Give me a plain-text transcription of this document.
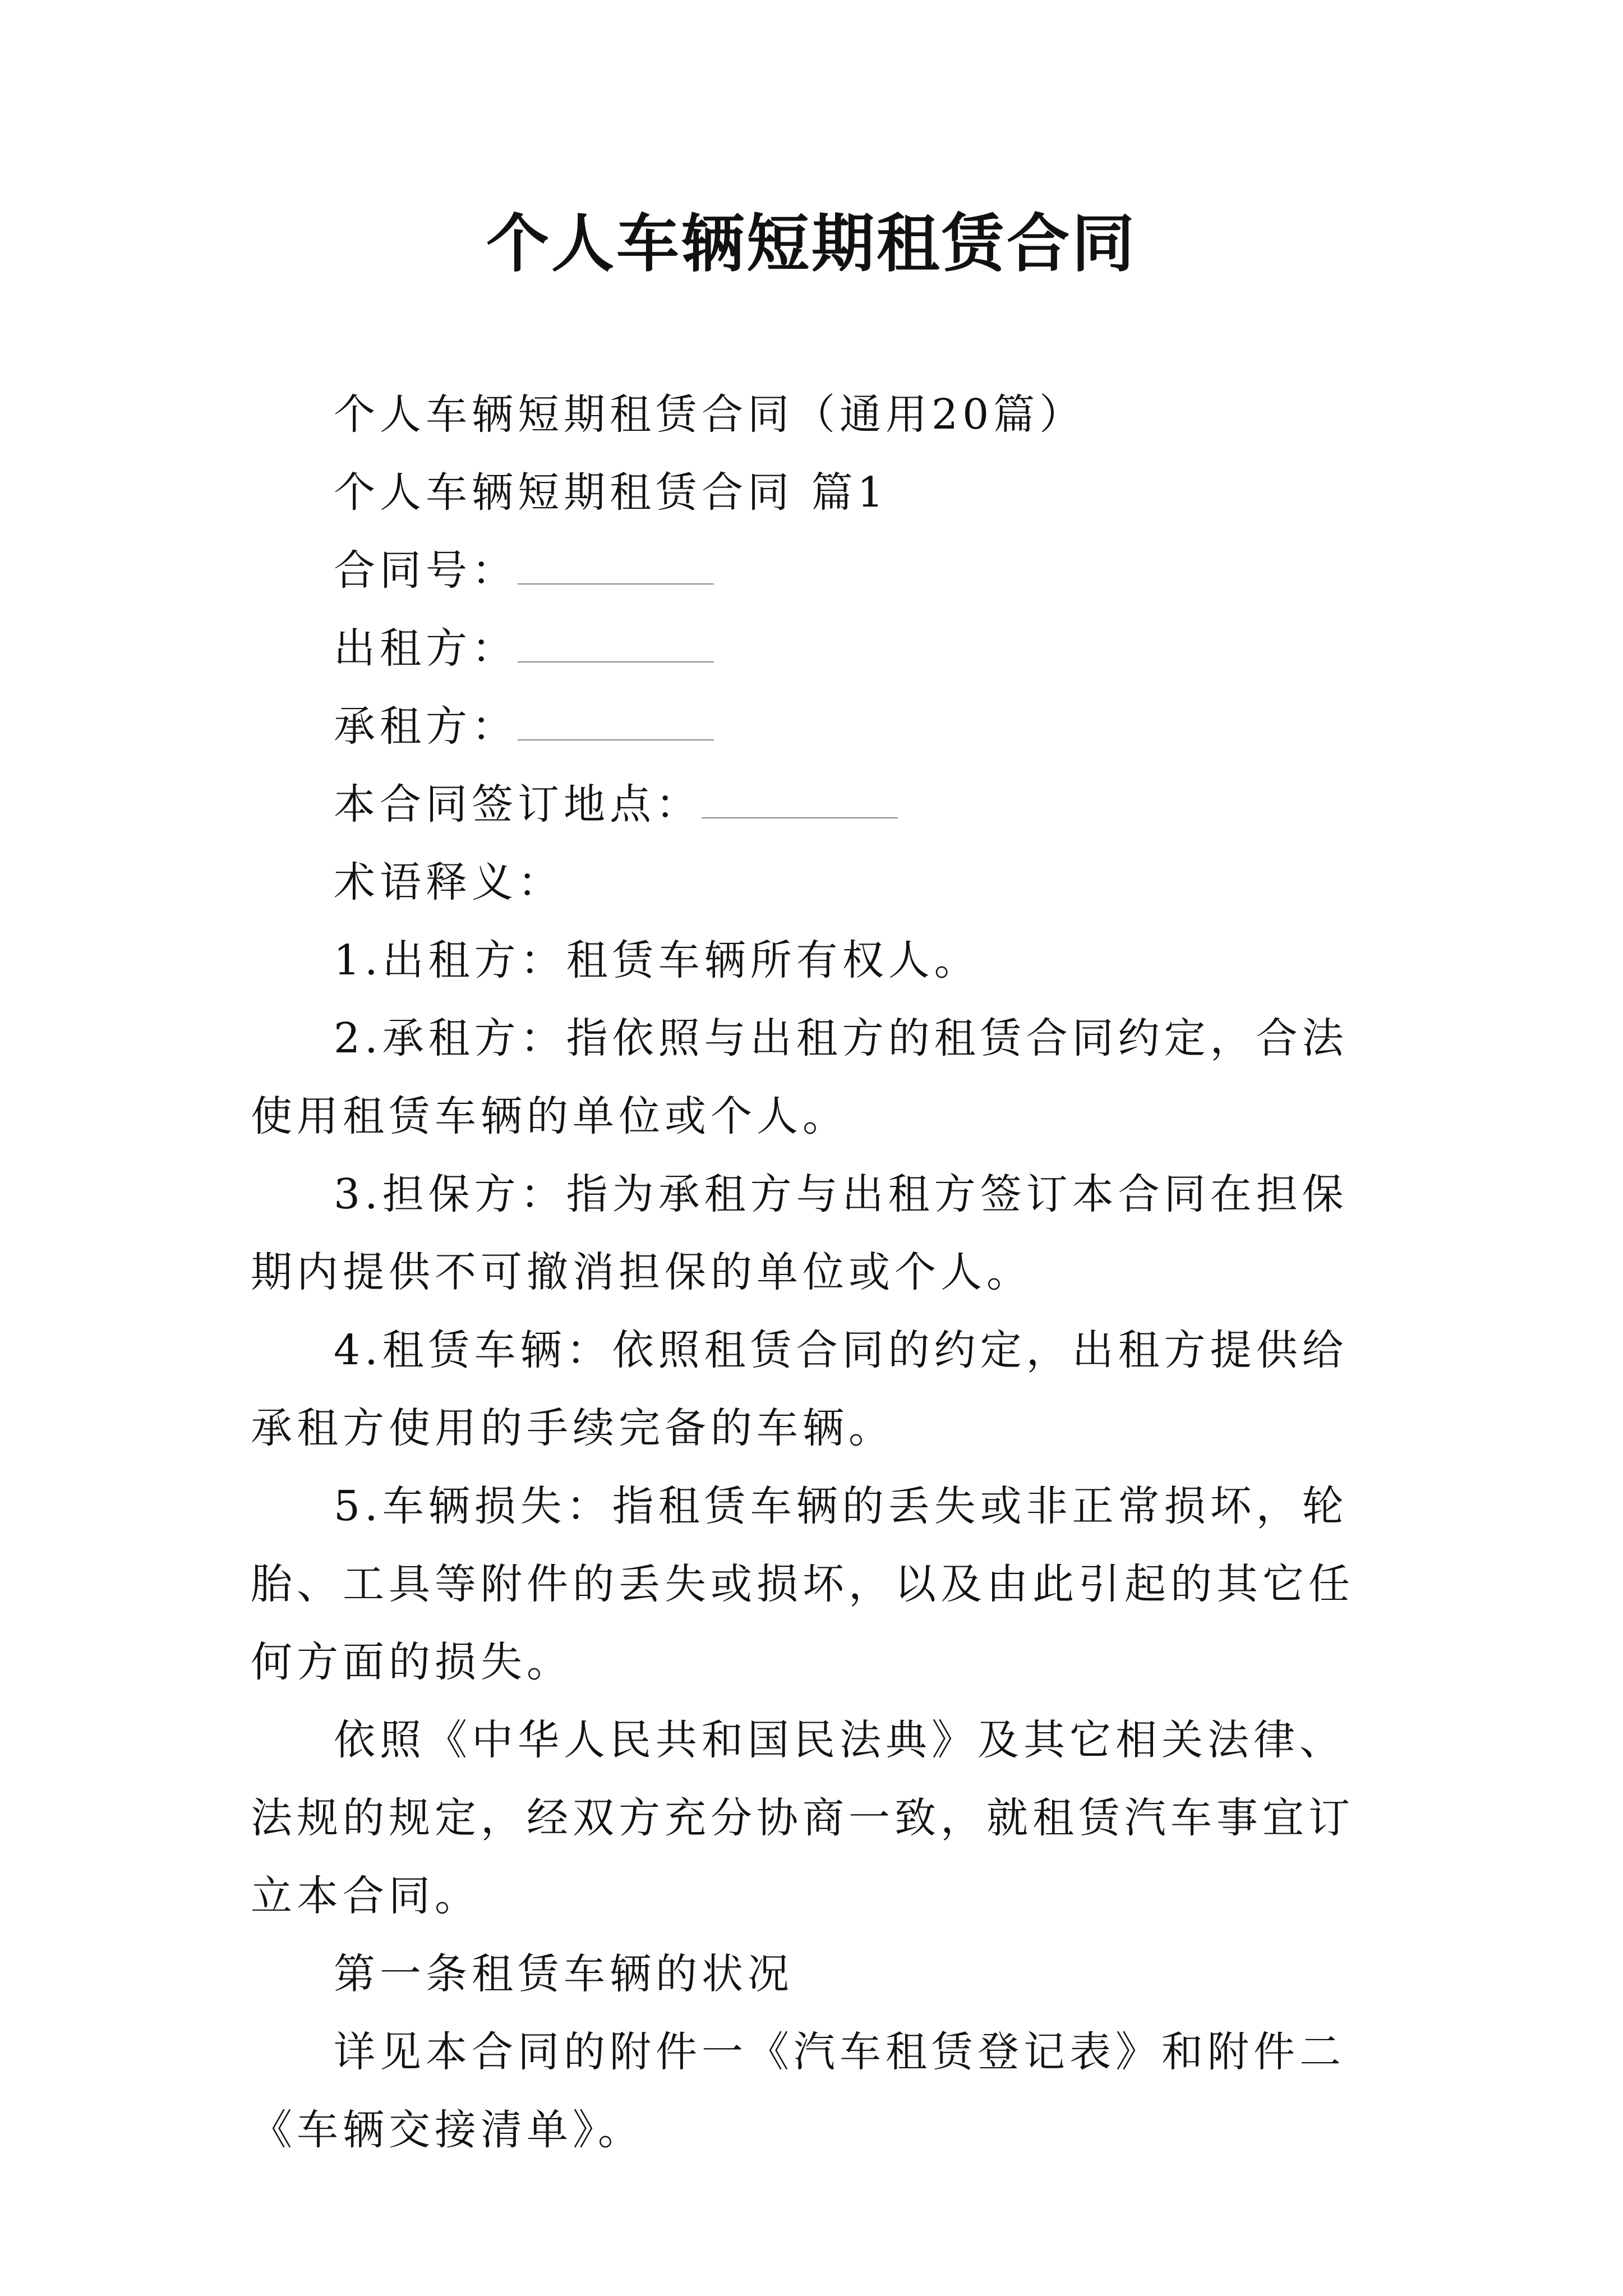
个人车辆短期租赁合同

个人车辆短期租赁合同（通用20篇）

个人车辆短期租赁合同 篇1

合同号：

出租方：

承租方：

本合同签订地点：

术语释义：

1.出租方：租赁车辆所有权人。

2.承租方：指依照与出租方的租赁合同约定，合法使用租赁车辆的单位或个人。

3.担保方：指为承租方与出租方签订本合同在担保期内提供不可撤消担保的单位或个人。

4.租赁车辆：依照租赁合同的约定，出租方提供给承租方使用的手续完备的车辆。

5.车辆损失：指租赁车辆的丢失或非正常损坏，轮胎、工具等附件的丢失或损坏，以及由此引起的其它任何方面的损失。

依照《中华人民共和国民法典》及其它相关法律、法规的规定，经双方充分协商一致，就租赁汽车事宜订立本合同。

第一条租赁车辆的状况

详见本合同的附件一《汽车租赁登记表》和附件二《车辆交接清单》。
